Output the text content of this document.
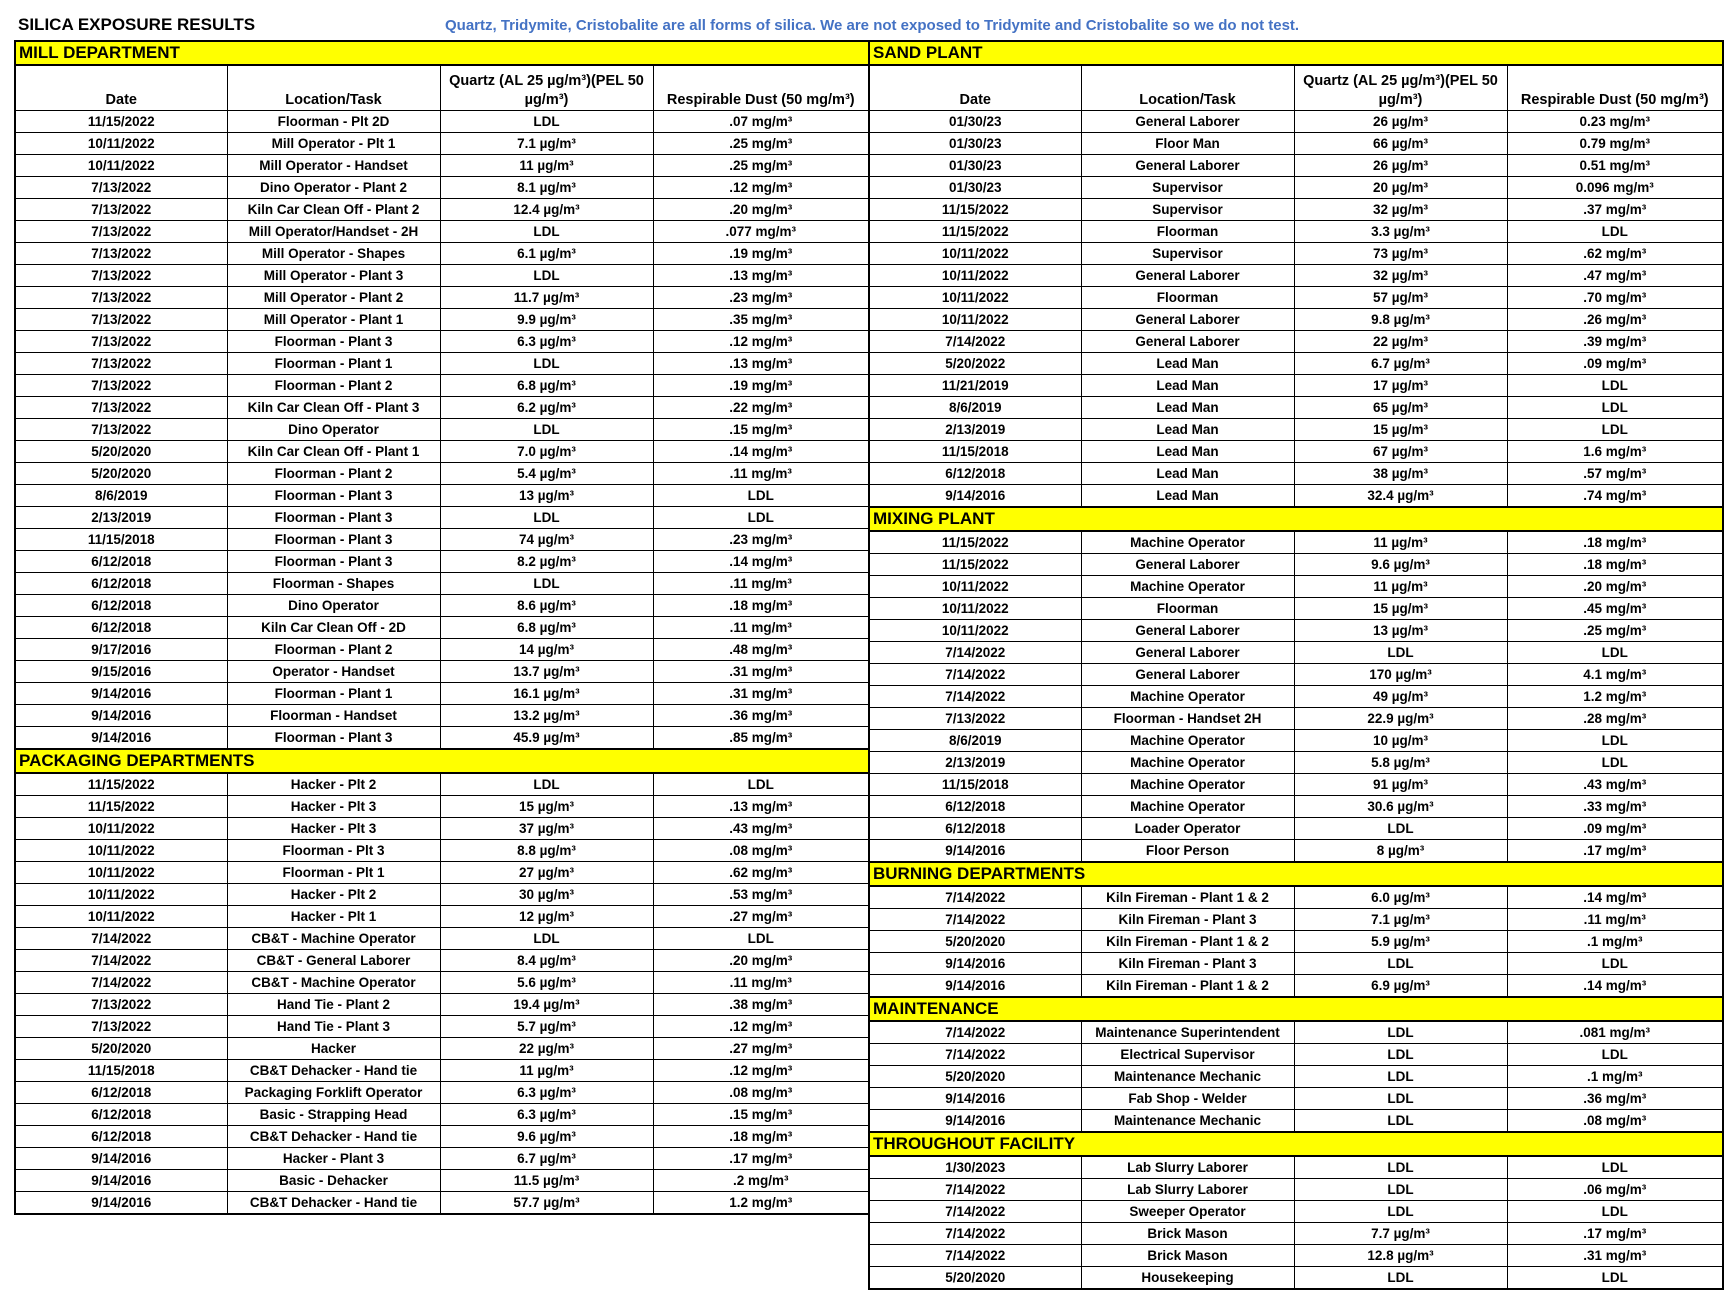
SILICA EXPOSURE RESULTS	Quartz, Tridymite, Cristobalite are all forms of silica. We are not exposed to Tridymite and Cristobalite so we do not test.
MILL DEPARTMENT			
Date	Location/Task	Quartz (AL 25 µg/m³)(PEL 50 µg/m³)	Respirable Dust (50 mg/m³)
11/15/2022	Floorman - Plt 2D	LDL	.07 mg/m³
10/11/2022	Mill Operator - Plt 1	7.1 µg/m³	.25 mg/m³
10/11/2022	Mill Operator - Handset	11 µg/m³	.25 mg/m³
7/13/2022	Dino Operator - Plant 2	8.1 µg/m³	.12 mg/m³
7/13/2022	Kiln Car Clean Off - Plant 2	12.4 µg/m³	.20 mg/m³
7/13/2022	Mill Operator/Handset - 2H	LDL	.077 mg/m³
7/13/2022	Mill Operator - Shapes	6.1 µg/m³	.19 mg/m³
7/13/2022	Mill Operator - Plant 3	LDL	.13 mg/m³
7/13/2022	Mill Operator - Plant 2	11.7 µg/m³	.23 mg/m³
7/13/2022	Mill Operator - Plant 1	9.9 µg/m³	.35 mg/m³
7/13/2022	Floorman - Plant 3	6.3 µg/m³	.12 mg/m³
7/13/2022	Floorman - Plant 1	LDL	.13 mg/m³
7/13/2022	Floorman - Plant 2	6.8 µg/m³	.19 mg/m³
7/13/2022	Kiln Car Clean Off - Plant 3	6.2 µg/m³	.22 mg/m³
7/13/2022	Dino Operator	LDL	.15 mg/m³
5/20/2020	Kiln Car Clean Off - Plant 1	7.0 µg/m³	.14 mg/m³
5/20/2020	Floorman - Plant 2	5.4 µg/m³	.11 mg/m³
8/6/2019	Floorman - Plant 3	13 µg/m³	LDL
2/13/2019	Floorman - Plant 3	LDL	LDL
11/15/2018	Floorman - Plant 3	74 µg/m³	.23 mg/m³
6/12/2018	Floorman - Plant 3	8.2 µg/m³	.14 mg/m³
6/12/2018	Floorman - Shapes	LDL	.11 mg/m³
6/12/2018	Dino Operator	8.6 µg/m³	.18 mg/m³
6/12/2018	Kiln Car Clean Off - 2D	6.8 µg/m³	.11 mg/m³
9/17/2016	Floorman - Plant 2	14 µg/m³	.48 mg/m³
9/15/2016	Operator - Handset	13.7 µg/m³	.31 mg/m³
9/14/2016	Floorman - Plant 1	16.1 µg/m³	.31 mg/m³
9/14/2016	Floorman - Handset	13.2 µg/m³	.36 mg/m³
9/14/2016	Floorman - Plant 3	45.9 µg/m³	.85 mg/m³
PACKAGING DEPARTMENTS			
11/15/2022	Hacker - Plt 2	LDL	LDL
11/15/2022	Hacker - Plt 3	15 µg/m³	.13 mg/m³
10/11/2022	Hacker - Plt 3	37 µg/m³	.43 mg/m³
10/11/2022	Floorman - Plt 3	8.8 µg/m³	.08 mg/m³
10/11/2022	Floorman - Plt 1	27 µg/m³	.62 mg/m³
10/11/2022	Hacker - Plt 2	30 µg/m³	.53 mg/m³
10/11/2022	Hacker - Plt 1	12 µg/m³	.27 mg/m³
7/14/2022	CB&T - Machine Operator	LDL	LDL
7/14/2022	CB&T - General Laborer	8.4 µg/m³	.20 mg/m³
7/14/2022	CB&T - Machine Operator	5.6 µg/m³	.11 mg/m³
7/13/2022	Hand Tie - Plant 2	19.4 µg/m³	.38 mg/m³
7/13/2022	Hand Tie - Plant 3	5.7 µg/m³	.12 mg/m³
5/20/2020	Hacker	22 µg/m³	.27 mg/m³
11/15/2018	CB&T Dehacker - Hand tie	11 µg/m³	.12 mg/m³
6/12/2018	Packaging Forklift Operator	6.3 µg/m³	.08 mg/m³
6/12/2018	Basic - Strapping Head	6.3 µg/m³	.15 mg/m³
6/12/2018	CB&T Dehacker - Hand tie	9.6 µg/m³	.18 mg/m³
9/14/2016	Hacker - Plant 3	6.7 µg/m³	.17 mg/m³
9/14/2016	Basic - Dehacker	11.5 µg/m³	.2 mg/m³
9/14/2016	CB&T Dehacker - Hand tie	57.7 µg/m³	1.2 mg/m³
SAND PLANT			
Date	Location/Task	Quartz (AL 25 µg/m³)(PEL 50 µg/m³)	Respirable Dust (50 mg/m³)
01/30/23	General Laborer	26 µg/m³	0.23 mg/m³
01/30/23	Floor Man	66 µg/m³	0.79 mg/m³
01/30/23	General Laborer	26 µg/m³	0.51 mg/m³
01/30/23	Supervisor	20 µg/m³	0.096 mg/m³
11/15/2022	Supervisor	32 µg/m³	.37 mg/m³
11/15/2022	Floorman	3.3 µg/m³	LDL
10/11/2022	Supervisor	73 µg/m³	.62 mg/m³
10/11/2022	General Laborer	32 µg/m³	.47 mg/m³
10/11/2022	Floorman	57 µg/m³	.70 mg/m³
10/11/2022	General Laborer	9.8 µg/m³	.26 mg/m³
7/14/2022	General Laborer	22 µg/m³	.39 mg/m³
5/20/2022	Lead Man	6.7 µg/m³	.09 mg/m³
11/21/2019	Lead Man	17 µg/m³	LDL
8/6/2019	Lead Man	65 µg/m³	LDL
2/13/2019	Lead Man	15 µg/m³	LDL
11/15/2018	Lead Man	67 µg/m³	1.6 mg/m³
6/12/2018	Lead Man	38 µg/m³	.57 mg/m³
9/14/2016	Lead Man	32.4 µg/m³	.74 mg/m³
MIXING PLANT			
11/15/2022	Machine Operator	11 µg/m³	.18 mg/m³
11/15/2022	General Laborer	9.6 µg/m³	.18 mg/m³
10/11/2022	Machine Operator	11 µg/m³	.20 mg/m³
10/11/2022	Floorman	15 µg/m³	.45 mg/m³
10/11/2022	General Laborer	13 µg/m³	.25 mg/m³
7/14/2022	General Laborer	LDL	LDL
7/14/2022	General Laborer	170 µg/m³	4.1 mg/m³
7/14/2022	Machine Operator	49 µg/m³	1.2 mg/m³
7/13/2022	Floorman - Handset 2H	22.9 µg/m³	.28 mg/m³
8/6/2019	Machine Operator	10 µg/m³	LDL
2/13/2019	Machine Operator	5.8 µg/m³	LDL
11/15/2018	Machine Operator	91 µg/m³	.43 mg/m³
6/12/2018	Machine Operator	30.6 µg/m³	.33 mg/m³
6/12/2018	Loader Operator	LDL	.09 mg/m³
9/14/2016	Floor Person	8 µg/m³	.17 mg/m³
BURNING DEPARTMENTS			
7/14/2022	Kiln Fireman - Plant 1 & 2	6.0 µg/m³	.14 mg/m³
7/14/2022	Kiln Fireman - Plant 3	7.1 µg/m³	.11 mg/m³
5/20/2020	Kiln Fireman - Plant 1 & 2	5.9 µg/m³	.1 mg/m³
9/14/2016	Kiln Fireman - Plant 3	LDL	LDL
9/14/2016	Kiln Fireman - Plant 1 & 2	6.9 µg/m³	.14 mg/m³
MAINTENANCE			
7/14/2022	Maintenance Superintendent	LDL	.081 mg/m³
7/14/2022	Electrical Supervisor	LDL	LDL
5/20/2020	Maintenance Mechanic	LDL	.1 mg/m³
9/14/2016	Fab Shop - Welder	LDL	.36 mg/m³
9/14/2016	Maintenance Mechanic	LDL	.08 mg/m³
THROUGHOUT FACILITY			
1/30/2023	Lab Slurry Laborer	LDL	LDL
7/14/2022	Lab Slurry Laborer	LDL	.06 mg/m³
7/14/2022	Sweeper Operator	LDL	LDL
7/14/2022	Brick Mason	7.7 µg/m³	.17 mg/m³
7/14/2022	Brick Mason	12.8 µg/m³	.31 mg/m³
5/20/2020	Housekeeping	LDL	LDL
